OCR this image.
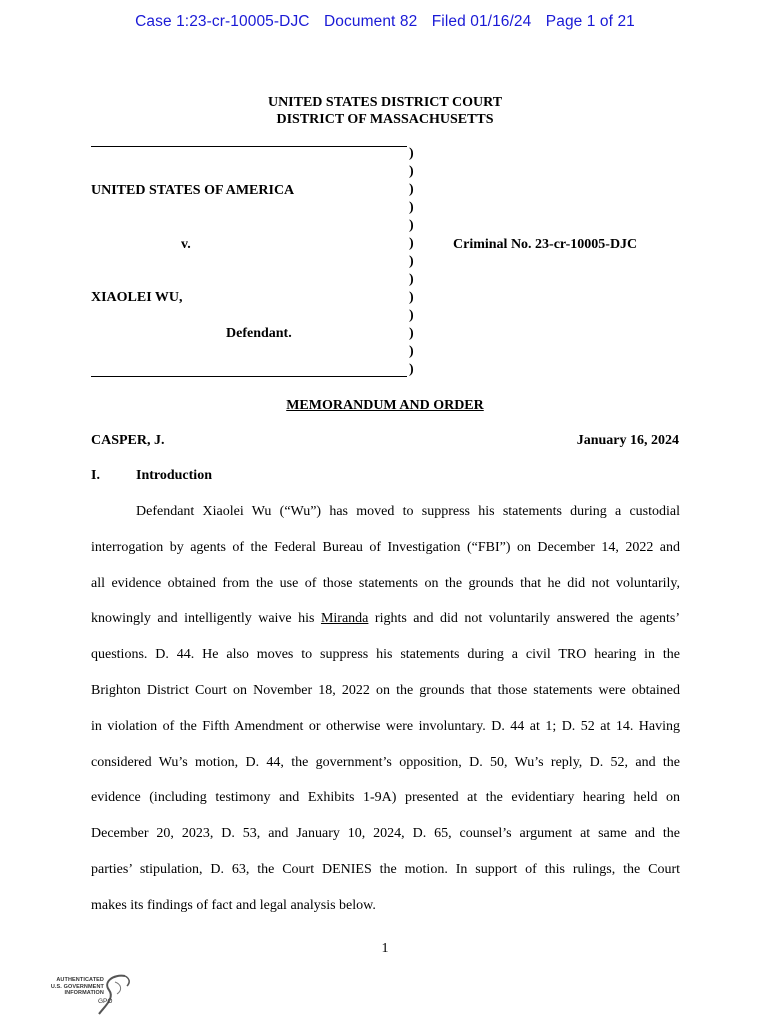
Case 1:23-cr-10005-DJC Document 82 Filed 01/16/24 Page 1 of 21
UNITED STATES DISTRICT COURT
DISTRICT OF MASSACHUSETTS
)
)
)
)
)
)
)
)
)
)
)
)
)
UNITED STATES OF AMERICA
v.	Criminal No. 23-cr-10005-DJC
XIAOLEI WU,
Defendant.
MEMORANDUM AND ORDER
CASPER, J.	January 16, 2024
I.	Introduction
Defendant Xiaolei Wu (“Wu”) has moved to suppress his statements during a custodial
interrogation by agents of the Federal Bureau of Investigation (“FBI”) on December 14, 2022 and
all evidence obtained from the use of those statements on the grounds that he did not voluntarily,
knowingly and intelligently waive his Miranda rights and did not voluntarily answered the agents’
questions. D. 44. He also moves to suppress his statements during a civil TRO hearing in the
Brighton District Court on November 18, 2022 on the grounds that those statements were obtained
in violation of the Fifth Amendment or otherwise were involuntary. D. 44 at 1; D. 52 at 14. Having
considered Wu’s motion, D. 44, the government’s opposition, D. 50, Wu’s reply, D. 52, and the
evidence (including testimony and Exhibits 1-9A) presented at the evidentiary hearing held on
December 20, 2023, D. 53, and January 10, 2024, D. 65, counsel’s argument at same and the
parties’ stipulation, D. 63, the Court DENIES the motion. In support of this rulings, the Court
makes its findings of fact and legal analysis below.
1
AUTHENTICATED
U.S. GOVERNMENT
INFORMATION
GPO
